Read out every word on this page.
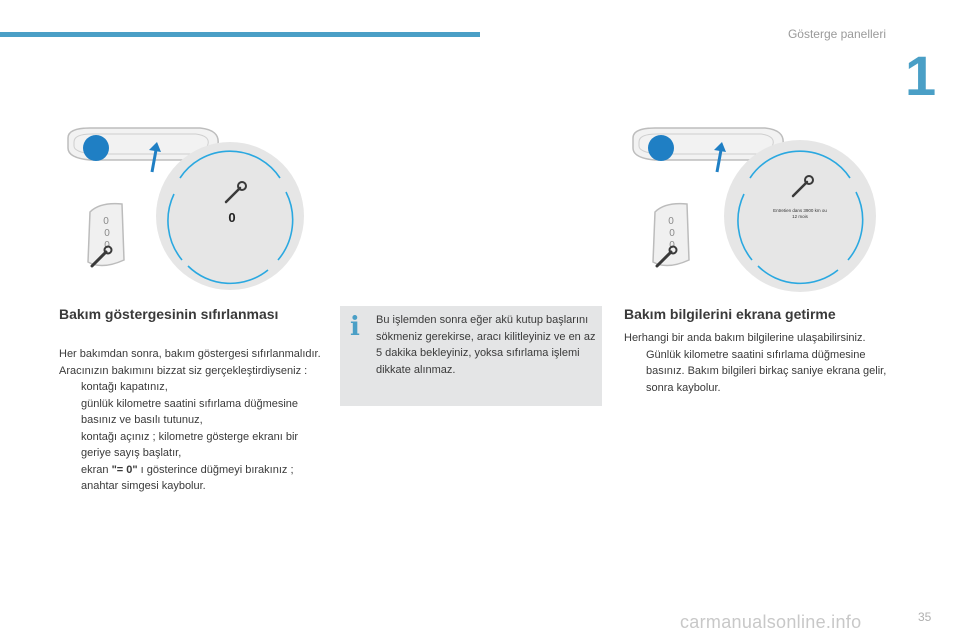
Gösterge panelleri
1
0
0
0
0	0
0
0
Entretien dans 3900 km ou 12 mois
Bakım göstergesinin sıfırlanması

Her bakımdan sonra, bakım göstergesi sıfırlanmalıdır.

Aracınızın bakımını bizzat siz gerçekleştirdiyseniz :

kontağı kapatınız,
günlük kilometre saatini sıfırlama düğmesine basınız ve basılı tutunuz,
kontağı açınız ; kilometre gösterge ekranı bir geriye sayış başlatır,
ekran "= 0" ı gösterince düğmeyi bırakınız ; anahtar simgesi kaybolur.
i Bu işlemden sonra eğer akü kutup başlarını sökmeniz gerekirse, aracı kilitleyiniz ve en az 5 dakika bekleyiniz, yoksa sıfırlama işlemi dikkate alınmaz.

Bakım bilgilerini ekrana getirme

Herhangi bir anda bakım bilgilerine ulaşabilirsiniz.

Günlük kilometre saatini sıfırlama düğmesine basınız. Bakım bilgileri birkaç saniye ekrana gelir, sonra kaybolur.
carmanualsonline.info	35
